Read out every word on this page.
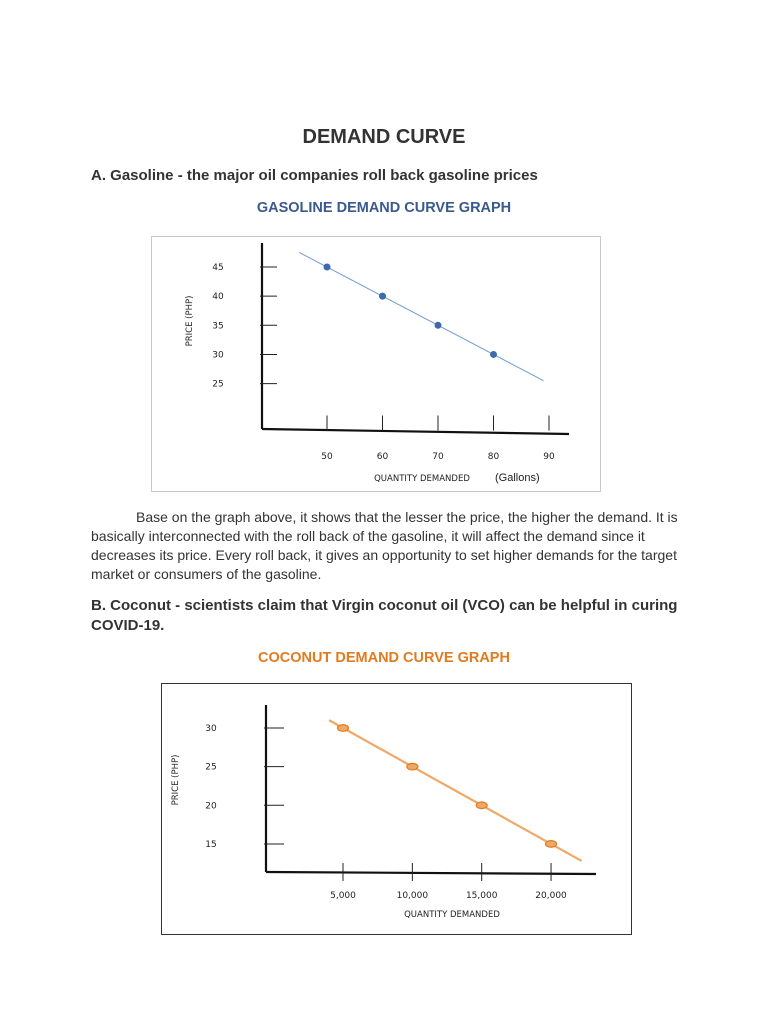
DEMAND CURVE
A. Gasoline - the major oil companies roll back gasoline prices
GASOLINE DEMAND CURVE GRAPH
45
40
35
30
25
50	60	70	80	90
PRICE (PHP)
QUANTITY DEMANDED (Gallons)

Base on the graph above, it shows that the lesser the price, the higher the demand. It is basically interconnected with the roll back of the gasoline, it will affect the demand since it decreases its price. Every roll back, it gives an opportunity to set higher demands for the target market or consumers of the gasoline.

B. Coconut - scientists claim that Virgin coconut oil (VCO) can be helpful in curing COVID-19.
COCONUT DEMAND CURVE GRAPH
30
25
20
15
5,000	10,000	15,000	20,000
PRICE (PHP)
QUANTITY DEMANDED
